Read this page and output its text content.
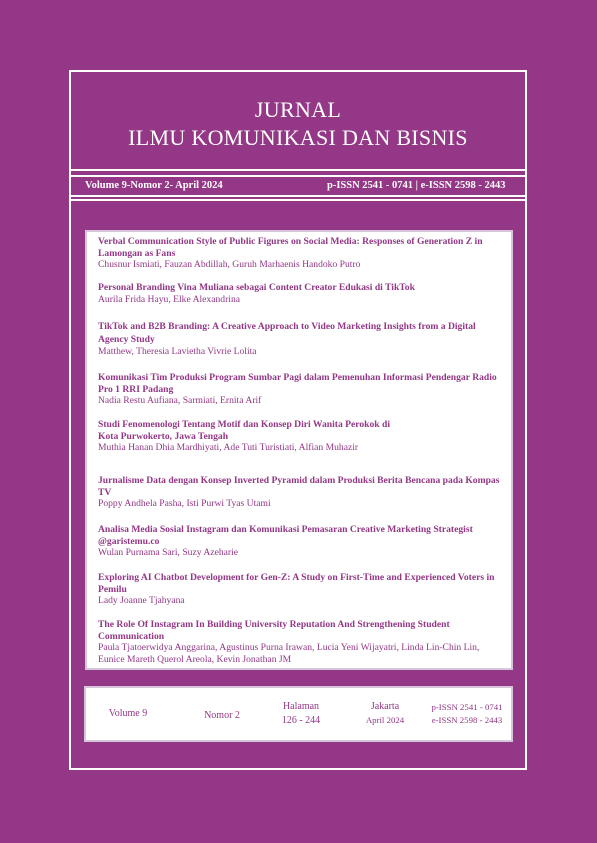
JURNAL
ILMU KOMUNIKASI DAN BISNIS
Volume 9-Nomor 2- April 2024	p-ISSN 2541 - 0741 | e-ISSN 2598 - 2443
Verbal Communication Style of Public Figures on Social Media: Responses of Generation Z in Lamongan as Fans
Chusnur Ismiati, Fauzan Abdillah, Guruh Marhaenis Handoko Putro
Personal Branding Vina Muliana sebagai Content Creator Edukasi di TikTok
Aurila Frida Hayu, Elke Alexandrina
TikTok and B2B Branding: A Creative Approach to Video Marketing Insights from a Digital Agency Study
Matthew, Theresia Lavietha Vivrie Lolita
Komunikasi Tim Produksi Program Sumbar Pagi dalam Pemenuhan Informasi Pendengar Radio Pro 1 RRI Padang
Nadia Restu Aufiana, Sarmiati, Ernita Arif
Studi Fenomenologi Tentang Motif dan Konsep Diri Wanita Perokok di Kota Purwokerto, Jawa Tengah
Muthia Hanan Dhia Mardhiyati, Ade Tuti Turistiati, Alfian Muhazir
Jurnalisme Data dengan Konsep Inverted Pyramid dalam Produksi Berita Bencana pada Kompas TV
Poppy Andhela Pasha, Isti Purwi Tyas Utami
Analisa Media Sosial Instagram dan Komunikasi Pemasaran Creative Marketing Strategist @garistemu.co
Wulan Purnama Sari, Suzy Azeharie
Exploring AI Chatbot Development for Gen-Z: A Study on First-Time and Experienced Voters in Pemilu
Lady Joanne Tjahyana
The Role Of Instagram In Building University Reputation And Strengthening Student Communication
Paula Tjatoerwidya Anggarina, Agustinus Purna Irawan, Lucia Yeni Wijayatri, Linda Lin-Chin Lin, Eunice Mareth Querol Areola, Kevin Jonathan JM
Volume 9	Nomor 2
Halaman
126 - 244
Jakarta
April 2024
p-ISSN 2541 - 0741
e-ISSN 2598 - 2443
